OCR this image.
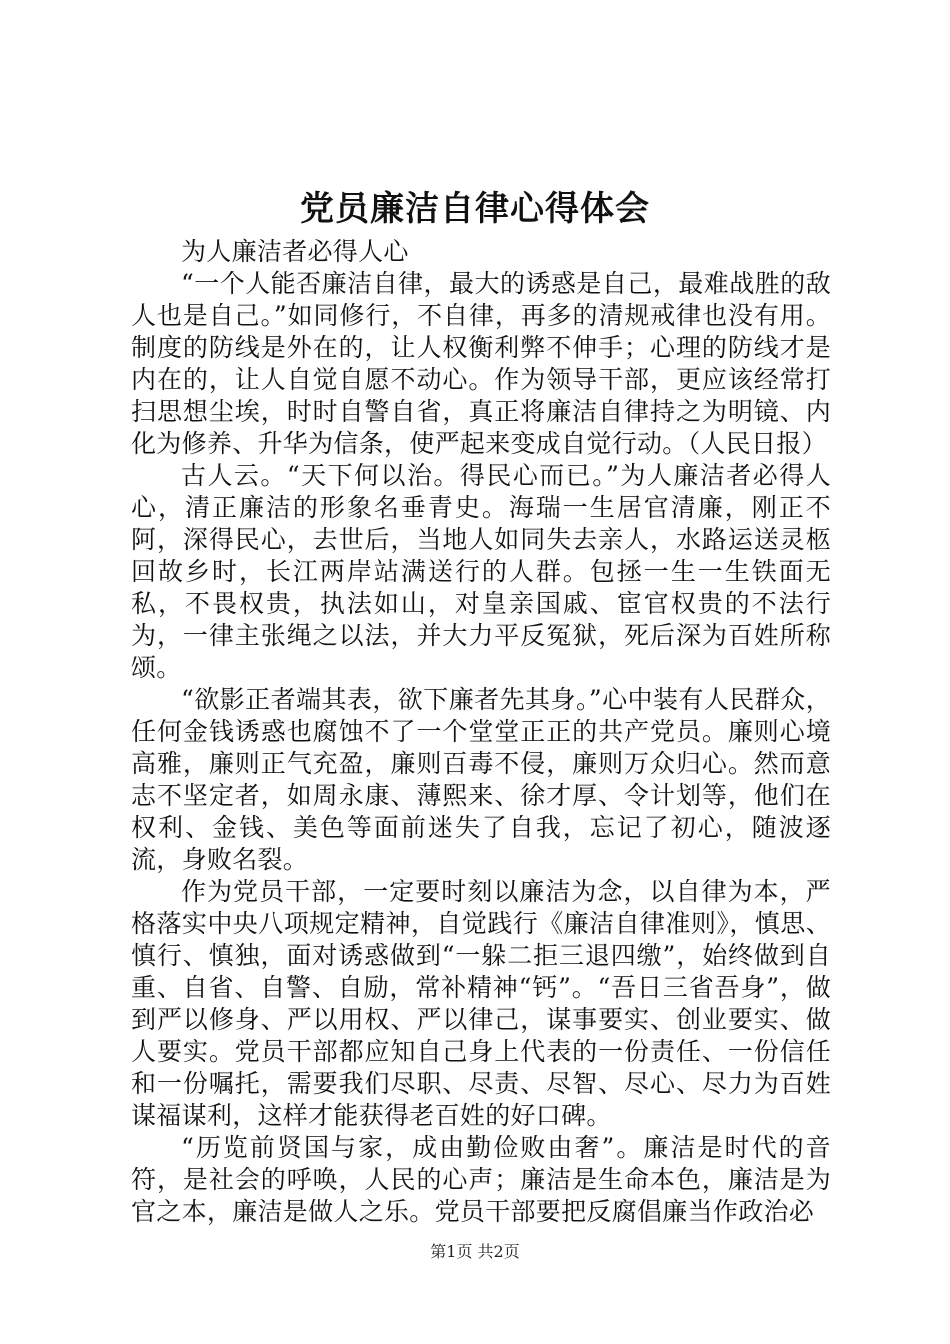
党员廉洁自律心得体会

为人廉洁者必得人心

“一个人能否廉洁自律，最大的诱惑是自己，最难战胜的敌人也是自己。”如同修行，不自律，再多的清规戒律也没有用。制度的防线是外在的，让人权衡利弊不伸手；心理的防线才是内在的，让人自觉自愿不动心。作为领导干部，更应该经常打扫思想尘埃，时时自警自省，真正将廉洁自律持之为明镜、内化为修养、升华为信条，使严起来变成自觉行动。（人民日报）

古人云。“天下何以治。得民心而已。”为人廉洁者必得人心，清正廉洁的形象名垂青史。海瑞一生居官清廉，刚正不阿，深得民心，去世后，当地人如同失去亲人，水路运送灵柩回故乡时，长江两岸站满送行的人群。包拯一生一生铁面无私，不畏权贵，执法如山，对皇亲国戚、宦官权贵的不法行为，一律主张绳之以法，并大力平反冤狱，死后深为百姓所称颂。

“欲影正者端其表，欲下廉者先其身。”心中装有人民群众，任何金钱诱惑也腐蚀不了一个堂堂正正的共产党员。廉则心境高雅，廉则正气充盈，廉则百毒不侵，廉则万众归心。然而意志不坚定者，如周永康、薄熙来、徐才厚、令计划等，他们在权利、金钱、美色等面前迷失了自我，忘记了初心，随波逐流，身败名裂。

作为党员干部，一定要时刻以廉洁为念，以自律为本，严格落实中央八项规定精神，自觉践行《廉洁自律准则》，慎思、慎行、慎独，面对诱惑做到“一躲二拒三退四缴”，始终做到自重、自省、自警、自励，常补精神“钙”。“吾日三省吾身”，做到严以修身、严以用权、严以律己，谋事要实、创业要实、做人要实。党员干部都应知自己身上代表的一份责任、一份信任和一份嘱托，需要我们尽职、尽责、尽智、尽心、尽力为百姓谋福谋利，这样才能获得老百姓的好口碑。

“历览前贤国与家，成由勤俭败由奢”。廉洁是时代的音符，是社会的呼唤，人民的心声；廉洁是生命本色，廉洁是为官之本，廉洁是做人之乐。党员干部要把反腐倡廉当作政治必

第1页 共2页
